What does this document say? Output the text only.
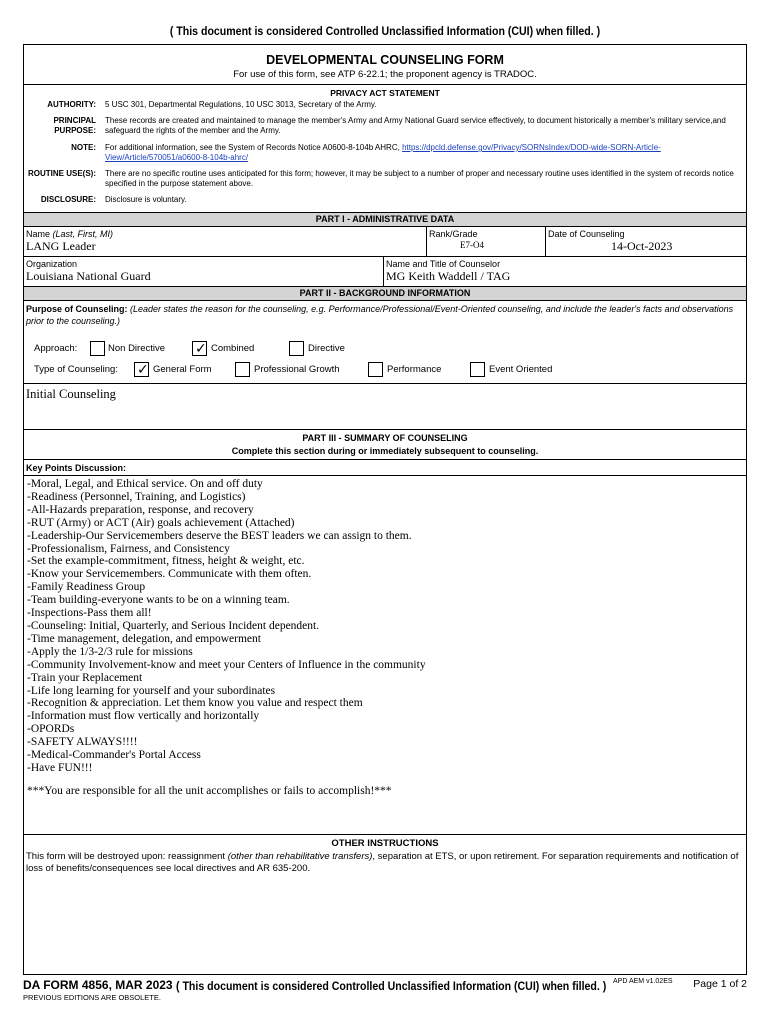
( This document is considered Controlled Unclassified Information (CUI) when filled. )
DEVELOPMENTAL COUNSELING FORM
For use of this form, see ATP 6-22.1; the proponent agency is TRADOC.
PRIVACY ACT STATEMENT
AUTHORITY: 5 USC 301, Departmental Regulations, 10 USC 3013, Secretary of the Army.
PRINCIPAL
PURPOSE:
These records are created and maintained to manage the member's Army and Army National Guard service effectively, to document historically a member's military service,and safeguard the rights of the member and the Army.
NOTE: For additional information, see the System of Records Notice A0600-8-104b AHRC, https://dpcld.defense.gov/Privacy/SORNsIndex/DOD-wide-SORN-Article-View/Article/570051/a0600-8-104b-ahrc/
ROUTINE USE(S): There are no specific routine uses anticipated for this form; however, it may be subject to a number of proper and necessary routine uses identified in the system of records notice specified in the purpose statement above.
DISCLOSURE: Disclosure is voluntary.
PART I - ADMINISTRATIVE DATA
Name (Last, First, MI)
LANG Leader
Rank/Grade
E7-O4
Date of Counseling
14-Oct-2023
Organization
Louisiana National Guard
Name and Title of Counselor
MG Keith Waddell / TAG
PART II - BACKGROUND INFORMATION
Purpose of Counseling: (Leader states the reason for the counseling, e.g. Performance/Professional/Event-Oriented counseling, and include the leader's facts and observations prior to the counseling.)
Approach:	Non Directive ✓ Combined	Directive
Type of Counseling: ✓ General Form	Professional Growth	Performance	Event Oriented
Initial Counseling
PART III - SUMMARY OF COUNSELING
Complete this section during or immediately subsequent to counseling.
Key Points Discussion:
-Moral, Legal, and Ethical service. On and off duty
-Readiness (Personnel, Training, and Logistics)
-All-Hazards preparation, response, and recovery
-RUT (Army) or ACT (Air) goals achievement (Attached)
-Leadership-Our Servicemembers deserve the BEST leaders we can assign to them.
-Professionalism, Fairness, and Consistency
-Set the example-commitment, fitness, height & weight, etc.
-Know your Servicemembers. Communicate with them often.
-Family Readiness Group
-Team building-everyone wants to be on a winning team.
-Inspections-Pass them all!
-Counseling: Initial, Quarterly, and Serious Incident dependent.
-Time management, delegation, and empowerment
-Apply the 1/3-2/3 rule for missions
-Community Involvement-know and meet your Centers of Influence in the community
-Train your Replacement
-Life long learning for yourself and your subordinates
-Recognition & appreciation. Let them know you value and respect them
-Information must flow vertically and horizontally
-OPORDs
-SAFETY ALWAYS!!!!
-Medical-Commander's Portal Access
-Have FUN!!!
***You are responsible for all the unit accomplishes or fails to accomplish!***
OTHER INSTRUCTIONS
This form will be destroyed upon: reassignment (other than rehabilitative transfers), separation at ETS, or upon retirement. For separation requirements and notification of loss of benefits/consequences see local directives and AR 635-200.
DA FORM 4856, MAR 2023
PREVIOUS EDITIONS ARE OBSOLETE.
( This document is considered Controlled Unclassified Information (CUI) when filled. ) APD AEM v1.02ES Page 1 of 2
